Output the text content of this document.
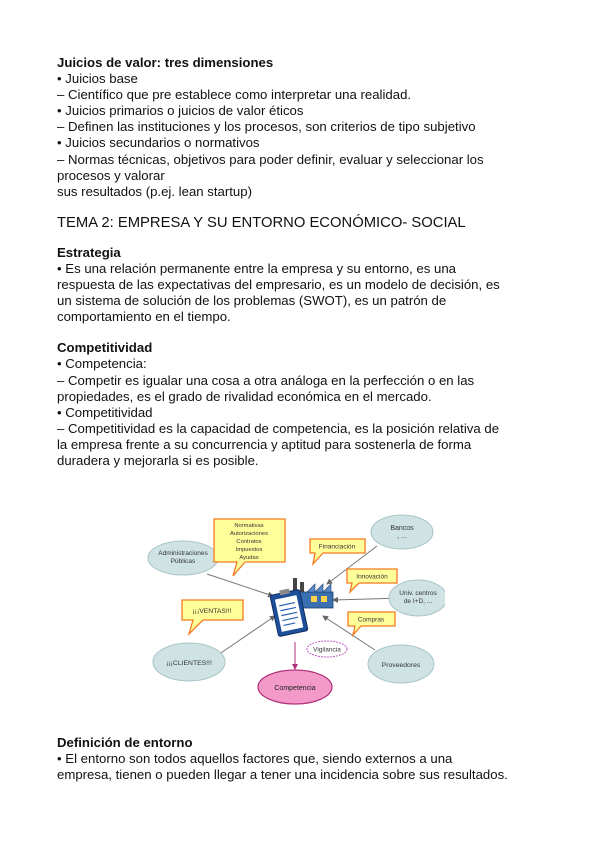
Juicios de valor: tres dimensiones
• Juicios base
– Científico que pre establece como interpretar una realidad.
• Juicios primarios o juicios de valor éticos
– Definen las instituciones y los procesos, son criterios de tipo subjetivo
• Juicios secundarios o normativos
– Normas técnicas, objetivos para poder definir, evaluar y seleccionar los
procesos y valorar
sus resultados (p.ej. lean startup)
TEMA 2: EMPRESA Y SU ENTORNO ECONÓMICO- SOCIAL
Estrategia
• Es una relación permanente entre la empresa y su entorno, es una
respuesta de las expectativas del empresario, es un modelo de decisión, es
un sistema de solución de los problemas (SWOT), es un patrón de
comportamiento en el tiempo.
Competitividad
• Competencia:
– Competir es igualar una cosa a otra análoga en la perfección o en las
propiedades, es el grado de rivalidad económica en el mercado.
• Competitividad
– Competitividad es la capacidad de competencia, es la posición relativa de
la empresa frente a su concurrencia y aptitud para sostenerla de forma
duradera y mejorarla si es posible.
Administraciones
Públicas
Bancos
, ...
Univ. centros
de I+D, ...
¡¡¡CLIENTES!!!	Proveedores
Competencia
Vigilancia
Normativas
Autorizaciones
Contratos
Impuestos
Ayudas
Financiación
Innovación
¡¡¡VENTAS!!!
Compras
Definición de entorno
• El entorno son todos aquellos factores que, siendo externos a una
empresa, tienen o pueden llegar a tener una incidencia sobre sus resultados.
